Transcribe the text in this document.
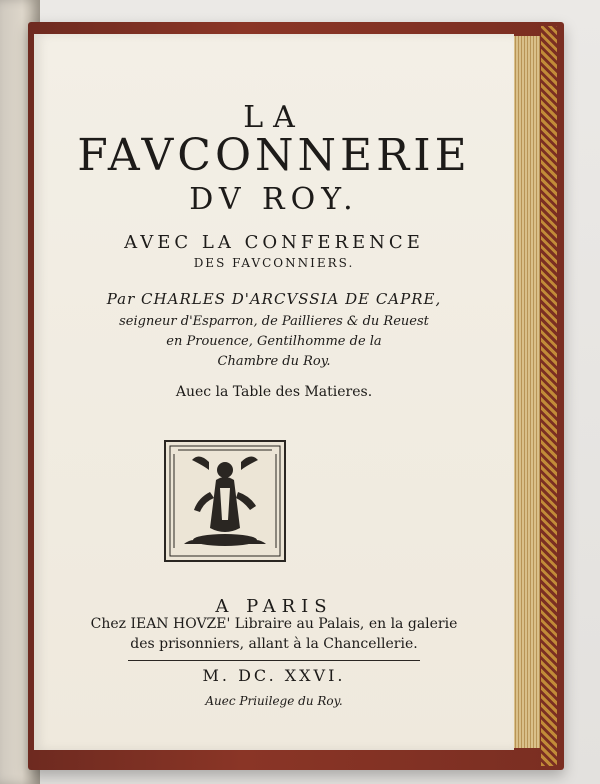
LA
FAVCONNERIE
DV ROY.
AVEC LA CONFERENCE
DES FAVCONNIERS.
Par CHARLES D'ARCVSSIA DE CAPRE,
seigneur d'Esparron, de Paillieres & du Reuest
en Prouence, Gentilhomme de la
Chambre du Roy.
Auec la Table des Matieres.
A PARIS
Chez IEAN HOVZE' Libraire au Palais, en la galerie
des prisonniers, allant à la Chancellerie.
M. DC. XXVI.
Auec Priuilege du Roy.
